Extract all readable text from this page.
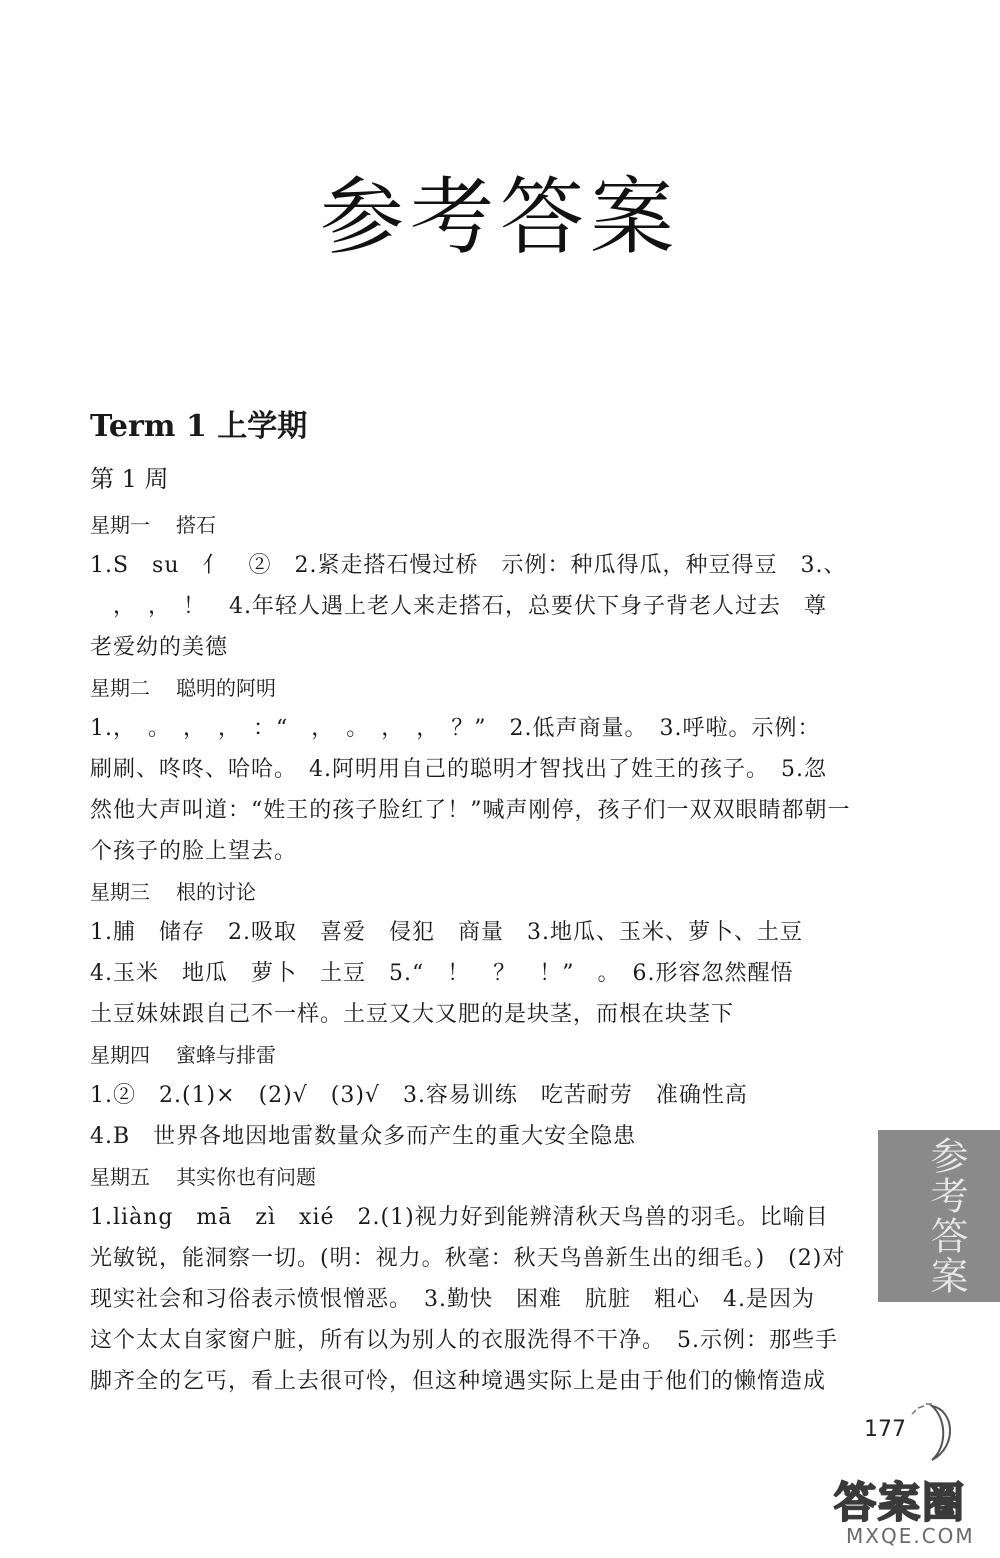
参考答案
Term 1 上学期
第 1 周
星期一 搭石
1.S　su　亻　②　2.紧走搭石慢过桥　示例：种瓜得瓜，种豆得豆　3.、
　，　，　！　4.年轻人遇上老人来走搭石，总要伏下身子背老人过去　尊
老爱幼的美德
星期二 聪明的阿明
1.，　。　，　，　：“　，　。　，　，　？”　2.低声商量。　3.呼啦。示例：
刷刷、咚咚、哈哈。　4.阿明用自己的聪明才智找出了姓王的孩子。　5.忽
然他大声叫道：“姓王的孩子脸红了！”喊声刚停，孩子们一双双眼睛都朝一
个孩子的脸上望去。
星期三 根的讨论
1.脯　储存　2.吸取　喜爱　侵犯　商量　3.地瓜、玉米、萝卜、土豆
4.玉米　地瓜　萝卜　土豆　5.“　！　？　！”　。　6.形容忽然醒悟
土豆妹妹跟自己不一样。土豆又大又肥的是块茎，而根在块茎下
星期四 蜜蜂与排雷
1.②　2.(1)×　(2)√　(3)√　3.容易训练　吃苦耐劳　准确性高
4.B　世界各地因地雷数量众多而产生的重大安全隐患
星期五 其实你也有问题
1.liàng　mā　zì　xié　2.(1)视力好到能辨清秋天鸟兽的羽毛。比喻目
光敏锐，能洞察一切。(明：视力。秋毫：秋天鸟兽新生出的细毛。)　(2)对
现实社会和习俗表示愤恨憎恶。　3.勤快　困难　肮脏　粗心　4.是因为
这个太太自家窗户脏，所有以为别人的衣服洗得不干净。　5.示例：那些手
脚齐全的乞丐，看上去很可怜，但这种境遇实际上是由于他们的懒惰造成
参考答案
177
答案圈
MXQE.COM
